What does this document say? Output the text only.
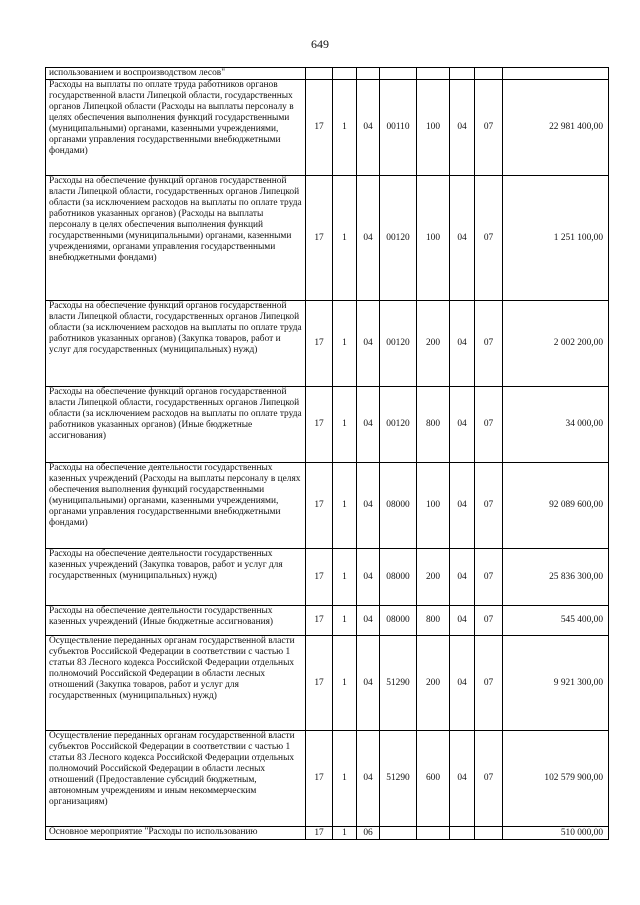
649
использованием и воспроизводством лесов"								
Расходы на выплаты по оплате труда работников органов государственной власти Липецкой области, государственных органов Липецкой области (Расходы на выплаты персоналу в целях обеспечения выполнения функций государственными (муниципальными) органами, казенными учреждениями, органами управления государственными внебюджетными фондами)	17	1	04	00110	100	04	07	22 981 400,00
Расходы на обеспечение функций органов государственной власти Липецкой области, государственных органов Липецкой области (за исключением расходов на выплаты по оплате труда работников указанных органов) (Расходы на выплаты персоналу в целях обеспечения выполнения функций государственными (муниципальными) органами, казенными учреждениями, органами управления государственными внебюджетными фондами)	17	1	04	00120	100	04	07	1 251 100,00
Расходы на обеспечение функций органов государственной власти Липецкой области, государственных органов Липецкой области (за исключением расходов на выплаты по оплате труда работников указанных органов) (Закупка товаров, работ и услуг для государственных (муниципальных) нужд)	17	1	04	00120	200	04	07	2 002 200,00
Расходы на обеспечение функций органов государственной власти Липецкой области, государственных органов Липецкой области (за исключением расходов на выплаты по оплате труда работников указанных органов) (Иные бюджетные ассигнования)	17	1	04	00120	800	04	07	34 000,00
Расходы на обеспечение деятельности государственных казенных учреждений (Расходы на выплаты персоналу в целях обеспечения выполнения функций государственными (муниципальными) органами, казенными учреждениями, органами управления государственными внебюджетными фондами)	17	1	04	08000	100	04	07	92 089 600,00
Расходы на обеспечение деятельности государственных казенных учреждений (Закупка товаров, работ и услуг для государственных (муниципальных) нужд)	17	1	04	08000	200	04	07	25 836 300,00
Расходы на обеспечение деятельности государственных казенных учреждений (Иные бюджетные ассигнования)	17	1	04	08000	800	04	07	545 400,00
Осуществление переданных органам государственной власти субъектов Российской Федерации в соответствии с частью 1 статьи 83 Лесного кодекса Российской Федерации отдельных полномочий Российской Федерации в области лесных отношений (Закупка товаров, работ и услуг для государственных (муниципальных) нужд)	17	1	04	51290	200	04	07	9 921 300,00
Осуществление переданных органам государственной власти субъектов Российской Федерации в соответствии с частью 1 статьи 83 Лесного кодекса Российской Федерации отдельных полномочий Российской Федерации в области лесных отношений (Предоставление субсидий бюджетным, автономным учреждениям и иным некоммерческим организациям)	17	1	04	51290	600	04	07	102 579 900,00
Основное мероприятие "Расходы по использованию	17	1	06					510 000,00
